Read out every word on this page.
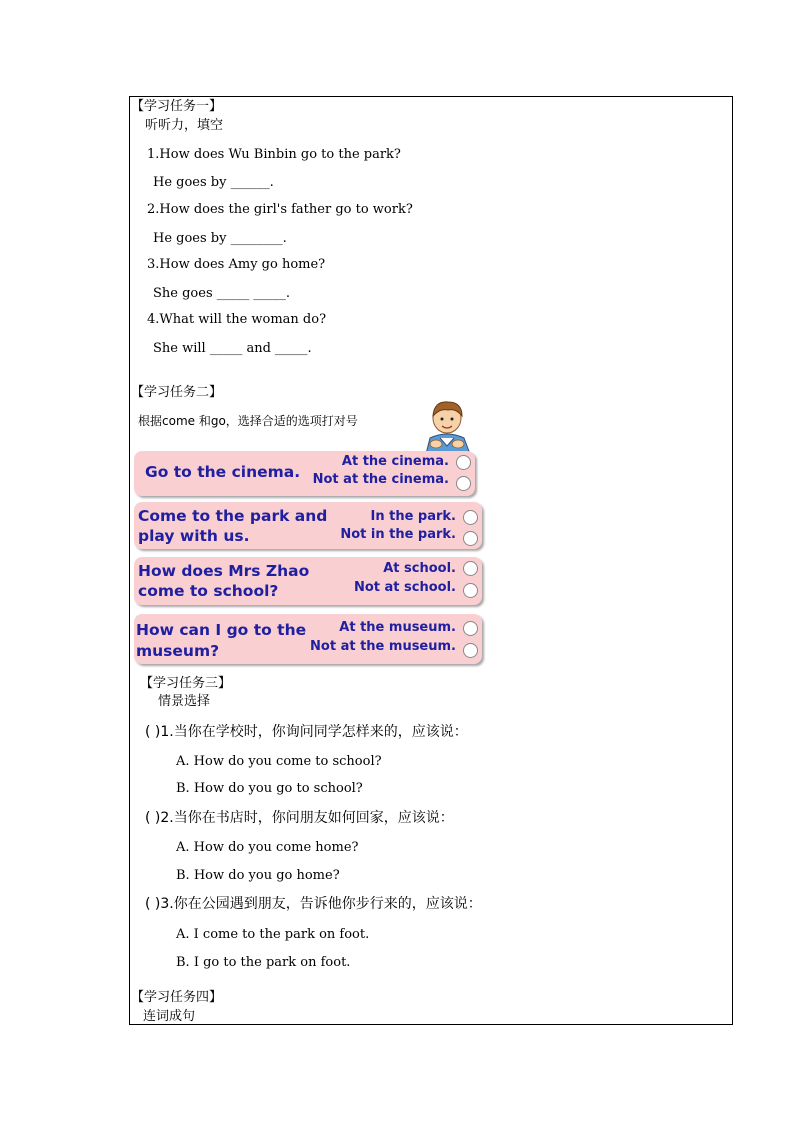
【学习任务一】
听听力，填空
1.How does Wu Binbin go to the park?
He goes by ______.
2.How does the girl's father go to work?
He goes by ________.
3.How does Amy go home?
She goes _____ _____.
4.What will the woman do?
She will _____ and _____.
【学习任务二】
根据come 和go，选择合适的选项打对号
Go to the cinema.
At the cinema.
Not at the cinema.
Come to the park and
play with us.
In the park.
Not in the park.
How does Mrs Zhao
come to school?
At school.
Not at school.
How can I go to the
museum?
At the museum.
Not at the museum.
【学习任务三】
情景选择
( )1.当你在学校时，你询问同学怎样来的，应该说：
A. How do you come to school?
B. How do you go to school?
( )2.当你在书店时，你问朋友如何回家，应该说：
A. How do you come home?
B. How do you go home?
( )3.你在公园遇到朋友，告诉他你步行来的，应该说：
A. I come to the park on foot.
B. I go to the park on foot.
【学习任务四】
连词成句
